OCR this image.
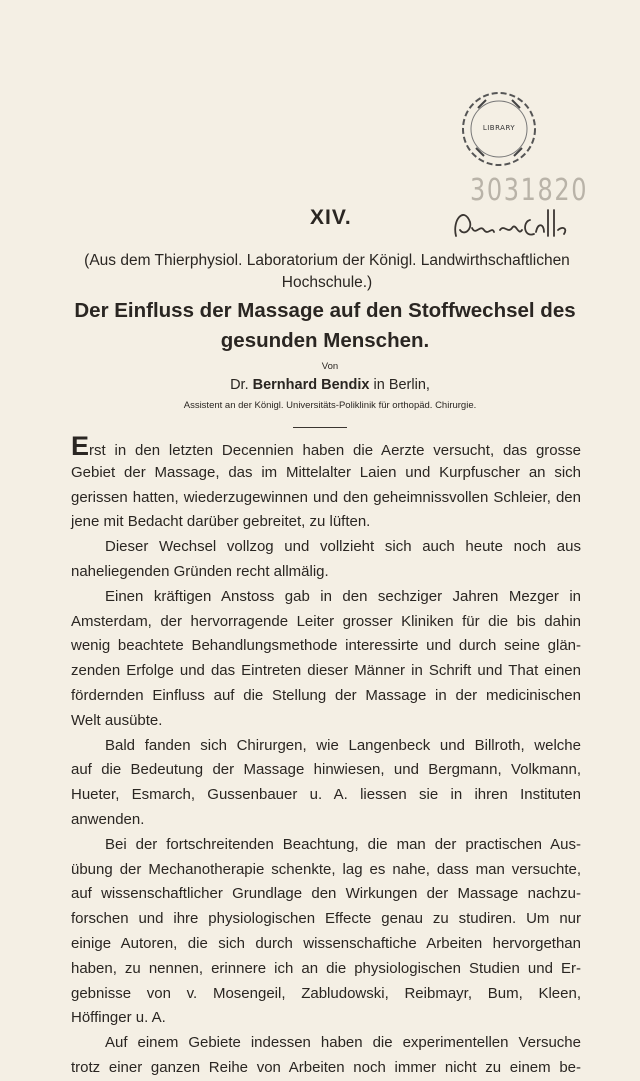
LIBRARY
3031820
XIV.
(Aus dem Thierphysiol. Laboratorium der Königl. Landwirthschaftlichen Hochschule.)
Der Einfluss der Massage auf den Stoffwechsel des gesunden Menschen.
Von
Dr. Bernhard Bendix in Berlin,
Assistent an der Königl. Universitäts-Poliklinik für orthopäd. Chirurgie.
Erst in den letzten Decennien haben die Aerzte versucht, das grosse
Gebiet der Massage, das im Mittelalter Laien und Kurpfuscher an sich
gerissen hatten, wiederzugewinnen und den geheimnissvollen Schleier, den
jene mit Bedacht darüber gebreitet, zu lüften.
Dieser Wechsel vollzog und vollzieht sich auch heute noch aus
naheliegenden Gründen recht allmälig.
Einen kräftigen Anstoss gab in den sechziger Jahren Mezger in
Amsterdam, der hervorragende Leiter grosser Kliniken für die bis dahin
wenig beachtete Behandlungsmethode interessirte und durch seine glän-
zenden Erfolge und das Eintreten dieser Männer in Schrift und That einen
fördernden Einfluss auf die Stellung der Massage in der medicinischen
Welt ausübte.
Bald fanden sich Chirurgen, wie Langenbeck und Billroth, welche
auf die Bedeutung der Massage hinwiesen, und Bergmann, Volkmann,
Hueter, Esmarch, Gussenbauer u. A. liessen sie in ihren Instituten
anwenden.
Bei der fortschreitenden Beachtung, die man der practischen Aus-
übung der Mechanotherapie schenkte, lag es nahe, dass man versuchte,
auf wissenschaftlicher Grundlage den Wirkungen der Massage nachzu-
forschen und ihre physiologischen Effecte genau zu studiren. Um nur
einige Autoren, die sich durch wissenschaftiche Arbeiten hervorgethan
haben, zu nennen, erinnere ich an die physiologischen Studien und Er-
gebnisse von v. Mosengeil, Zabludowski, Reibmayr, Bum, Kleen,
Höffinger u. A.
Auf einem Gebiete indessen haben die experimentellen Versuche
trotz einer ganzen Reihe von Arbeiten noch immer nicht zu einem be-
